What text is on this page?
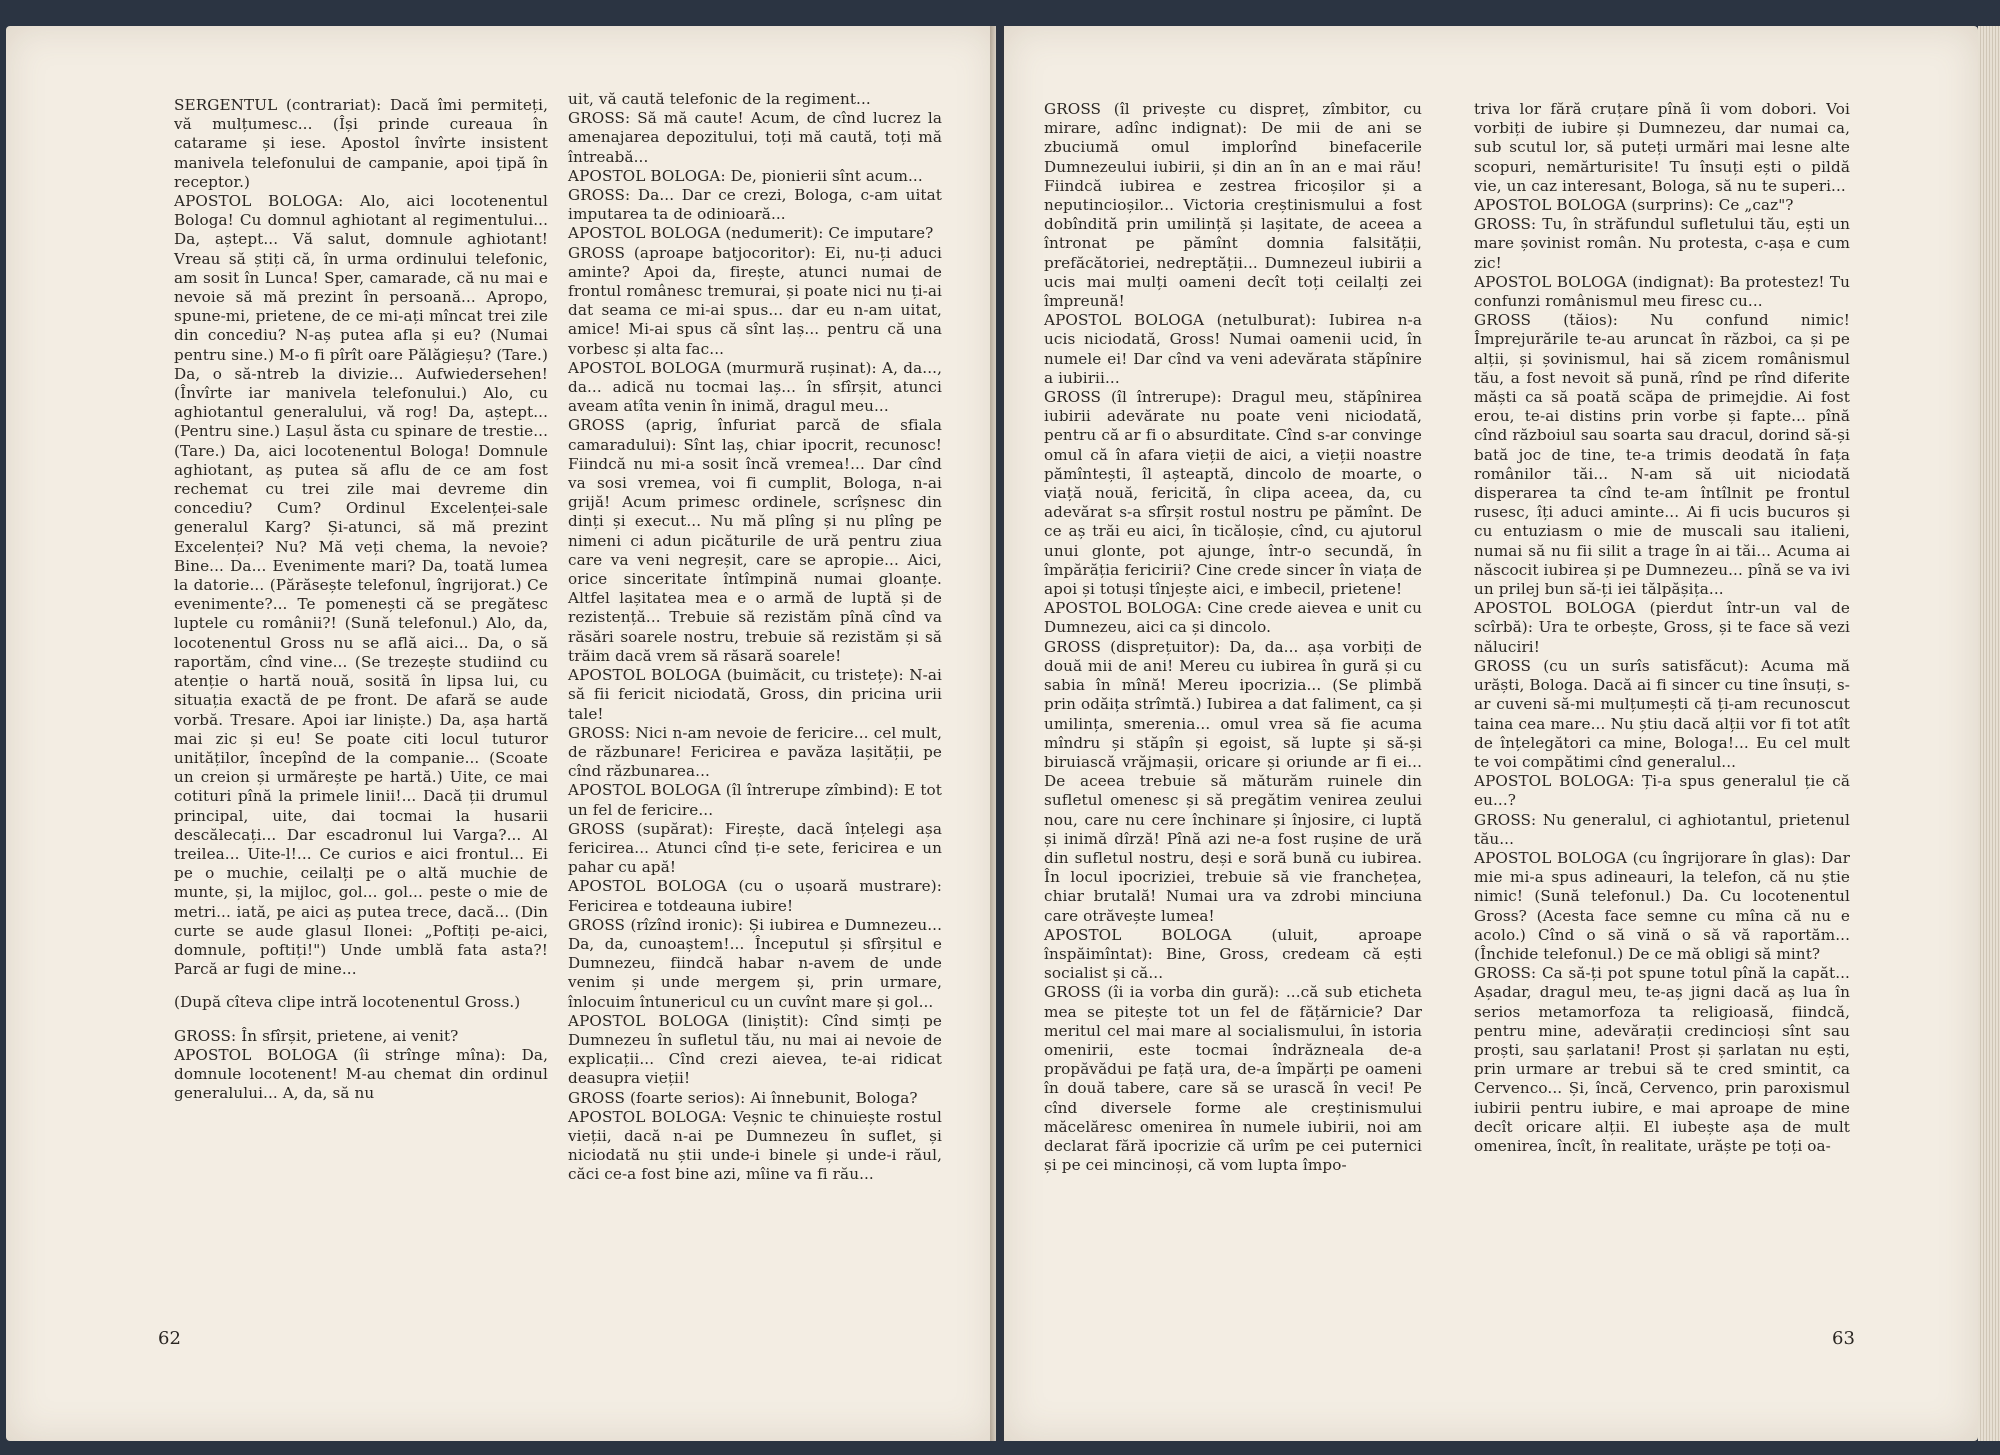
SERGENTUL (contrariat): Dacă îmi permiteți, vă mulțumesc... (Își prinde cureaua în catarame și iese. Apostol învîrte insistent manivela telefonului de campanie, apoi țipă în receptor.)

APOSTOL BOLOGA: Alo, aici locotenentul Bologa! Cu domnul aghiotant al regimentului... Da, aștept... Vă salut, domnule aghiotant! Vreau să știți că, în urma ordinului telefonic, am sosit în Lunca! Sper, camarade, că nu mai e nevoie să mă prezint în persoană... Apropo, spune-mi, prietene, de ce mi-ați mîncat trei zile din concediu? N-aș putea afla și eu? (Numai pentru sine.) M-o fi pîrît oare Pălăgieșu? (Tare.) Da, o să-ntreb la divizie... Aufwiedersehen! (Învîrte iar manivela telefonului.) Alo, cu aghiotantul generalului, vă rog! Da, aștept... (Pentru sine.) Lașul ăsta cu spinare de trestie... (Tare.) Da, aici locotenentul Bologa! Domnule aghiotant, aș putea să aflu de ce am fost rechemat cu trei zile mai devreme din concediu? Cum? Ordinul Excelenței-sale generalul Karg? Și-atunci, să mă prezint Excelenței? Nu? Mă veți chema, la nevoie? Bine... Da... Evenimente mari? Da, toată lumea la datorie... (Părăsește telefonul, îngrijorat.) Ce evenimente?... Te pomenești că se pregătesc luptele cu românii?! (Sună telefonul.) Alo, da, locotenentul Gross nu se află aici... Da, o să raportăm, cînd vine... (Se trezește studiind cu atenție o hartă nouă, sosită în lipsa lui, cu situația exactă de pe front. De afară se aude vorbă. Tresare. Apoi iar liniște.) Da, așa hartă mai zic și eu! Se poate citi locul tuturor unităților, începînd de la companie... (Scoate un creion și urmărește pe hartă.) Uite, ce mai cotituri pînă la primele linii!... Dacă ții drumul principal, uite, dai tocmai la husarii descălecați... Dar escadronul lui Varga?... Al treilea... Uite-l!... Ce curios e aici frontul... Ei pe o muchie, ceilalți pe o altă muchie de munte, și, la mijloc, gol... gol... peste o mie de metri... iată, pe aici aș putea trece, dacă... (Din curte se aude glasul Ilonei: „Poftiți pe-aici, domnule, poftiți!") Unde umblă fata asta?! Parcă ar fugi de mine...

(După cîteva clipe intră locotenentul Gross.)

GROSS: În sfîrșit, prietene, ai venit?

APOSTOL BOLOGA (îi strînge mîna): Da, domnule locotenent! M-au chemat din ordinul generalului... A, da, să nu

uit, vă caută telefonic de la regiment...

GROSS: Să mă caute! Acum, de cînd lucrez la amenajarea depozitului, toți mă caută, toți mă întreabă...

APOSTOL BOLOGA: De, pionierii sînt acum...

GROSS: Da... Dar ce crezi, Bologa, c-am uitat imputarea ta de odinioară...

APOSTOL BOLOGA (nedumerit): Ce imputare?

GROSS (aproape batjocoritor): Ei, nu-ți aduci aminte? Apoi da, firește, atunci numai de frontul românesc tremurai, și poate nici nu ți-ai dat seama ce mi-ai spus... dar eu n-am uitat, amice! Mi-ai spus că sînt laș... pentru că una vorbesc și alta fac...

APOSTOL BOLOGA (murmură rușinat): A, da..., da... adică nu tocmai laș... în sfîrșit, atunci aveam atîta venin în inimă, dragul meu...

GROSS (aprig, înfuriat parcă de sfiala camaradului): Sînt laș, chiar ipocrit, recunosc! Fiindcă nu mi-a sosit încă vremea!... Dar cînd va sosi vremea, voi fi cumplit, Bologa, n-ai grijă! Acum primesc ordinele, scrîșnesc din dinți și execut... Nu mă plîng și nu plîng pe nimeni ci adun picăturile de ură pentru ziua care va veni negreșit, care se apropie... Aici, orice sinceritate întîmpină numai gloanțe. Altfel lașitatea mea e o armă de luptă și de rezistență... Trebuie să rezistăm pînă cînd va răsări soarele nostru, trebuie să rezistăm și să trăim dacă vrem să răsară soarele!

APOSTOL BOLOGA (buimăcit, cu tristețe): N-ai să fii fericit niciodată, Gross, din pricina urii tale!

GROSS: Nici n-am nevoie de fericire... cel mult, de răzbunare! Fericirea e pavăza lașității, pe cînd răzbunarea...

APOSTOL BOLOGA (îl întrerupe zîmbind): E tot un fel de fericire...

GROSS (supărat): Firește, dacă înțelegi așa fericirea... Atunci cînd ți-e sete, fericirea e un pahar cu apă!

APOSTOL BOLOGA (cu o ușoară mustrare): Fericirea e totdeauna iubire!

GROSS (rîzînd ironic): Și iubirea e Dumnezeu... Da, da, cunoaștem!... Începutul și sfîrșitul e Dumnezeu, fiindcă habar n-avem de unde venim și unde mergem și, prin urmare, înlocuim întunericul cu un cuvînt mare și gol...

APOSTOL BOLOGA (liniștit): Cînd simți pe Dumnezeu în sufletul tău, nu mai ai nevoie de explicații... Cînd crezi aievea, te-ai ridicat deasupra vieții!

GROSS (foarte serios): Ai înnebunit, Bologa?

APOSTOL BOLOGA: Veșnic te chinuiește rostul vieții, dacă n-ai pe Dumnezeu în suflet, și niciodată nu știi unde-i binele și unde-i răul, căci ce-a fost bine azi, mîine va fi rău...

62

GROSS (îl privește cu dispreț, zîmbitor, cu mirare, adînc indignat): De mii de ani se zbuciumă omul implorînd binefacerile Dumnezeului iubirii, și din an în an e mai rău! Fiindcă iubirea e zestrea fricoșilor și a neputincioșilor... Victoria creștinismului a fost dobîndită prin umilință și lașitate, de aceea a întronat pe pămînt domnia falsității, prefăcătoriei, nedreptății... Dumnezeul iubirii a ucis mai mulți oameni decît toți ceilalți zei împreună!

APOSTOL BOLOGA (netulburat): Iubirea n-a ucis niciodată, Gross! Numai oamenii ucid, în numele ei! Dar cînd va veni adevărata stăpînire a iubirii...

GROSS (îl întrerupe): Dragul meu, stăpînirea iubirii adevărate nu poate veni niciodată, pentru că ar fi o absurditate. Cînd s-ar convinge omul că în afara vieții de aici, a vieții noastre pămîntești, îl așteaptă, dincolo de moarte, o viață nouă, fericită, în clipa aceea, da, cu adevărat s-a sfîrșit rostul nostru pe pămînt. De ce aș trăi eu aici, în ticăloșie, cînd, cu ajutorul unui glonte, pot ajunge, într-o secundă, în împărăția fericirii? Cine crede sincer în viața de apoi și totuși tînjește aici, e imbecil, prietene!

APOSTOL BOLOGA: Cine crede aievea e unit cu Dumnezeu, aici ca și dincolo.

GROSS (disprețuitor): Da, da... așa vorbiți de două mii de ani! Mereu cu iubirea în gură și cu sabia în mînă! Mereu ipocrizia... (Se plimbă prin odăița strîmtă.) Iubirea a dat faliment, ca și umilința, smerenia... omul vrea să fie acuma mîndru și stăpîn și egoist, să lupte și să-și biruiască vrăjmașii, oricare și oriunde ar fi ei... De aceea trebuie să măturăm ruinele din sufletul omenesc și să pregătim venirea zeului nou, care nu cere închinare și înjosire, ci luptă și inimă dîrză! Pînă azi ne-a fost rușine de ură din sufletul nostru, deși e soră bună cu iubirea. În locul ipocriziei, trebuie să vie franchețea, chiar brutală! Numai ura va zdrobi minciuna care otrăvește lumea!

APOSTOL BOLOGA (uluit, aproape înspăimîntat): Bine, Gross, credeam că ești socialist și că...

GROSS (îi ia vorba din gură): ...că sub eticheta mea se pitește tot un fel de fățărnicie? Dar meritul cel mai mare al socialismului, în istoria omenirii, este tocmai îndrăzneala de-a propăvădui pe față ura, de-a împărți pe oameni în două tabere, care să se urască în veci! Pe cînd diversele forme ale creștinismului măcelăresc omenirea în numele iubirii, noi am declarat fără ipocrizie că urîm pe cei puternici și pe cei mincinoși, că vom lupta împo-

triva lor fără cruțare pînă îi vom dobori. Voi vorbiți de iubire și Dumnezeu, dar numai ca, sub scutul lor, să puteți urmări mai lesne alte scopuri, nemărturisite! Tu însuți ești o pildă vie, un caz interesant, Bologa, să nu te superi...

APOSTOL BOLOGA (surprins): Ce „caz"?

GROSS: Tu, în străfundul sufletului tău, ești un mare șovinist român. Nu protesta, c-așa e cum zic!

APOSTOL BOLOGA (indignat): Ba protestez! Tu confunzi românismul meu firesc cu...

GROSS (tăios): Nu confund nimic! Împrejurările te-au aruncat în război, ca și pe alții, și șovinismul, hai să zicem românismul tău, a fost nevoit să pună, rînd pe rînd diferite măști ca să poată scăpa de primejdie. Ai fost erou, te-ai distins prin vorbe și fapte... pînă cînd războiul sau soarta sau dracul, dorind să-și bată joc de tine, te-a trimis deodată în fața românilor tăi... N-am să uit niciodată disperarea ta cînd te-am întîlnit pe frontul rusesc, îți aduci aminte... Ai fi ucis bucuros și cu entuziasm o mie de muscali sau italieni, numai să nu fii silit a trage în ai tăi... Acuma ai născocit iubirea și pe Dumnezeu... pînă se va ivi un prilej bun să-ți iei tălpășița...

APOSTOL BOLOGA (pierdut într-un val de scîrbă): Ura te orbește, Gross, și te face să vezi năluciri!

GROSS (cu un surîs satisfăcut): Acuma mă urăști, Bologa. Dacă ai fi sincer cu tine însuți, s-ar cuveni să-mi mulțumești că ți-am recunoscut taina cea mare... Nu știu dacă alții vor fi tot atît de înțelegători ca mine, Bologa!... Eu cel mult te voi compătimi cînd generalul...

APOSTOL BOLOGA: Ți-a spus generalul ție că eu...?

GROSS: Nu generalul, ci aghiotantul, prietenul tău...

APOSTOL BOLOGA (cu îngrijorare în glas): Dar mie mi-a spus adineauri, la telefon, că nu știe nimic! (Sună telefonul.) Da. Cu locotenentul Gross? (Acesta face semne cu mîna că nu e acolo.) Cînd o să vină o să vă raportăm... (Închide telefonul.) De ce mă obligi să mint?

GROSS: Ca să-ți pot spune totul pînă la capăt... Așadar, dragul meu, te-aș jigni dacă aș lua în serios metamorfoza ta religioasă, fiindcă, pentru mine, adevărații credincioși sînt sau proști, sau șarlatani! Prost și șarlatan nu ești, prin urmare ar trebui să te cred smintit, ca Cervenco... Și, încă, Cervenco, prin paroxismul iubirii pentru iubire, e mai aproape de mine decît oricare alții. El iubește așa de mult omenirea, încît, în realitate, urăște pe toți oa-

63
